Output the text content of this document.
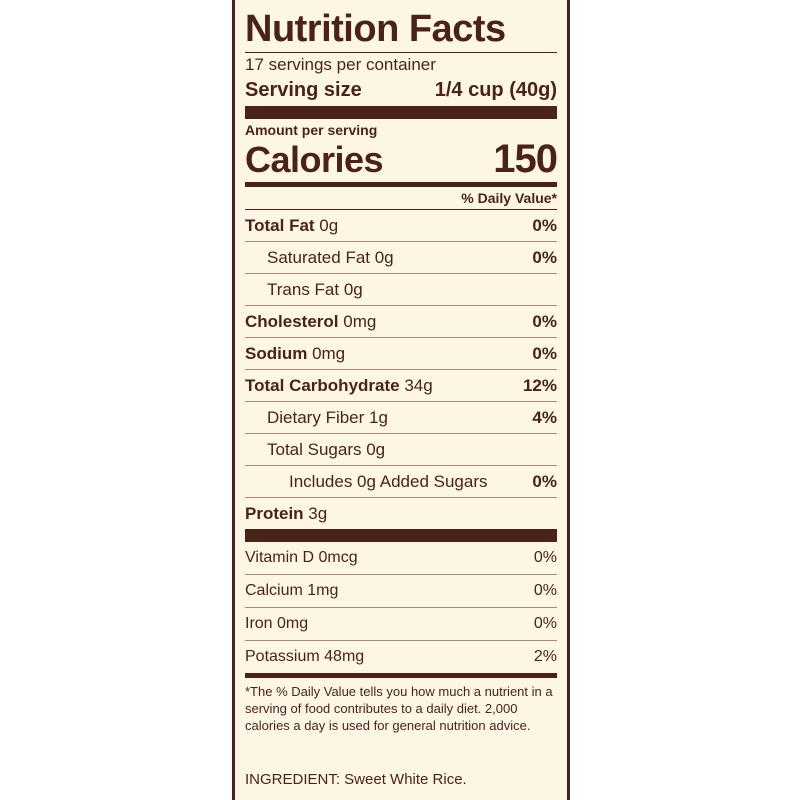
Nutrition Facts
17 servings per container
Serving size	1/4 cup (40g)
Amount per serving
Calories	150
% Daily Value*
Total Fat 0g	0%
Saturated Fat 0g	0%
Trans Fat 0g
Cholesterol 0mg	0%
Sodium 0mg	0%
Total Carbohydrate 34g	12%
Dietary Fiber 1g	4%
Total Sugars 0g
Includes 0g Added Sugars	0%
Protein 3g
Vitamin D 0mcg	0%
Calcium 1mg	0%
Iron 0mg	0%
Potassium 48mg	2%
*The % Daily Value tells you how much a nutrient in a serving of food contributes to a daily diet. 2,000 calories a day is used for general nutrition advice.
INGREDIENT: Sweet White Rice.
